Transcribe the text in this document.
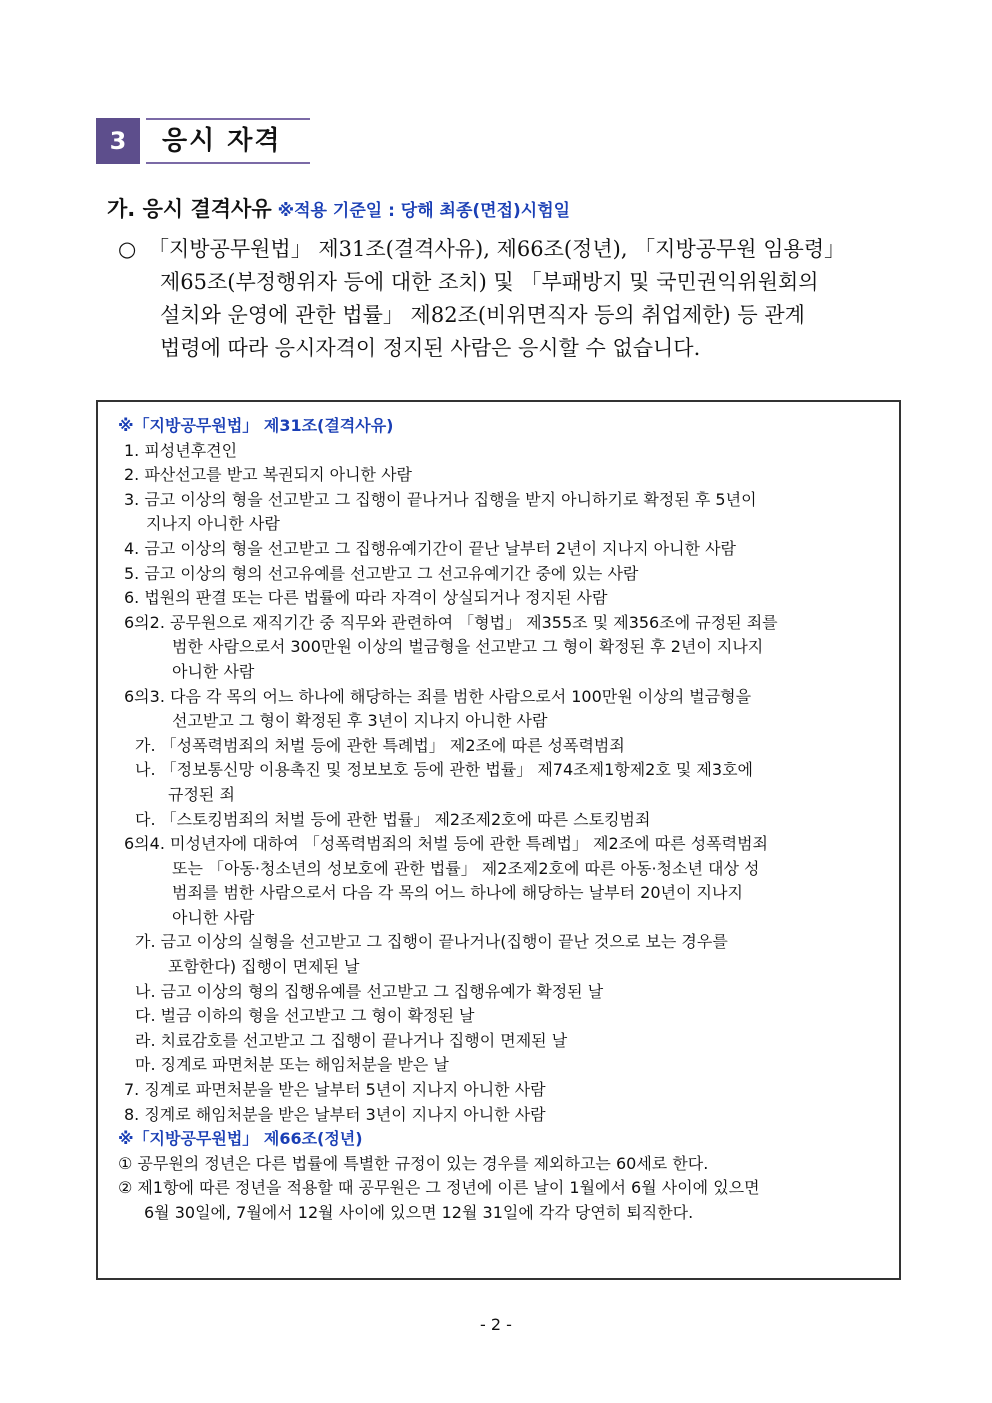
3	응시 자격
가. 응시 결격사유 ※적용 기준일 : 당해 최종(면접)시험일
○ 「지방공무원법」 제31조(결격사유), 제66조(정년), 「지방공무원 임용령」
제65조(부정행위자 등에 대한 조치) 및 「부패방지 및 국민권익위원회의
설치와 운영에 관한 법률」 제82조(비위면직자 등의 취업제한) 등 관계
법령에 따라 응시자격이 정지된 사람은 응시할 수 없습니다.
※「지방공무원법」 제31조(결격사유)
1. 피성년후견인
2. 파산선고를 받고 복권되지 아니한 사람
3. 금고 이상의 형을 선고받고 그 집행이 끝나거나 집행을 받지 아니하기로 확정된 후 5년이
지나지 아니한 사람
4. 금고 이상의 형을 선고받고 그 집행유예기간이 끝난 날부터 2년이 지나지 아니한 사람
5. 금고 이상의 형의 선고유예를 선고받고 그 선고유예기간 중에 있는 사람
6. 법원의 판결 또는 다른 법률에 따라 자격이 상실되거나 정지된 사람
6의2. 공무원으로 재직기간 중 직무와 관련하여 「형법」 제355조 및 제356조에 규정된 죄를
범한 사람으로서 300만원 이상의 벌금형을 선고받고 그 형이 확정된 후 2년이 지나지
아니한 사람
6의3. 다음 각 목의 어느 하나에 해당하는 죄를 범한 사람으로서 100만원 이상의 벌금형을
선고받고 그 형이 확정된 후 3년이 지나지 아니한 사람
가. 「성폭력범죄의 처벌 등에 관한 특례법」 제2조에 따른 성폭력범죄
나. 「정보통신망 이용촉진 및 정보보호 등에 관한 법률」 제74조제1항제2호 및 제3호에
규정된 죄
다. 「스토킹범죄의 처벌 등에 관한 법률」 제2조제2호에 따른 스토킹범죄
6의4. 미성년자에 대하여 「성폭력범죄의 처벌 등에 관한 특례법」 제2조에 따른 성폭력범죄
또는 「아동·청소년의 성보호에 관한 법률」 제2조제2호에 따른 아동·청소년 대상 성
범죄를 범한 사람으로서 다음 각 목의 어느 하나에 해당하는 날부터 20년이 지나지
아니한 사람
가. 금고 이상의 실형을 선고받고 그 집행이 끝나거나(집행이 끝난 것으로 보는 경우를
포함한다) 집행이 면제된 날
나. 금고 이상의 형의 집행유예를 선고받고 그 집행유예가 확정된 날
다. 벌금 이하의 형을 선고받고 그 형이 확정된 날
라. 치료감호를 선고받고 그 집행이 끝나거나 집행이 면제된 날
마. 징계로 파면처분 또는 해임처분을 받은 날
7. 징계로 파면처분을 받은 날부터 5년이 지나지 아니한 사람
8. 징계로 해임처분을 받은 날부터 3년이 지나지 아니한 사람
※「지방공무원법」 제66조(정년)
① 공무원의 정년은 다른 법률에 특별한 규정이 있는 경우를 제외하고는 60세로 한다.
② 제1항에 따른 정년을 적용할 때 공무원은 그 정년에 이른 날이 1월에서 6월 사이에 있으면
6월 30일에, 7월에서 12월 사이에 있으면 12월 31일에 각각 당연히 퇴직한다.
- 2 -
